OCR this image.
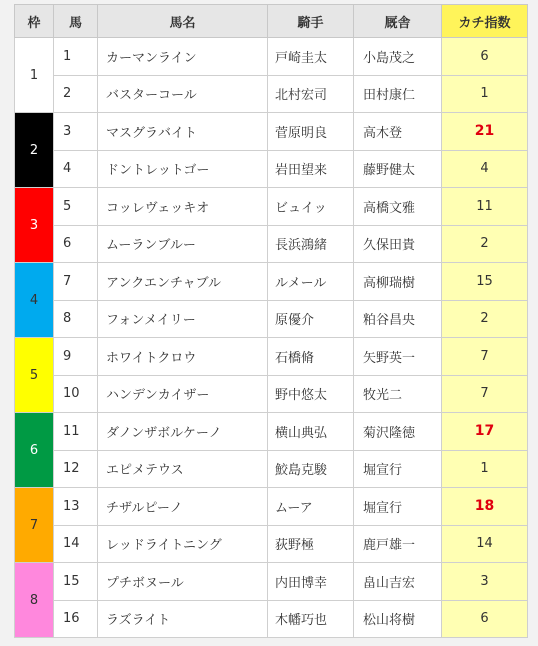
枠	馬	馬名	騎手	厩舎	カチ指数
1	1	カーマンライン	戸崎圭太	小島茂之	6
	2	バスターコール	北村宏司	田村康仁	1
2	3	マスグラバイト	菅原明良	高木登	21
	4	ドントレットゴー	岩田望来	藤野健太	4
3	5	コッレヴェッキオ	ビュイッ	高橋文雅	11
	6	ムーランブルー	長浜鴻緒	久保田貴	2
4	7	アンクエンチャブル	ルメール	高柳瑞樹	15
	8	フォンメイリー	原優介	粕谷昌央	2
5	9	ホワイトクロウ	石橋脩	矢野英一	7
	10	ハンデンカイザー	野中悠太	牧光二	7
6	11	ダノンザボルケーノ	横山典弘	菊沢隆徳	17
	12	エピメテウス	鮫島克駿	堀宣行	1
7	13	チザルピーノ	ムーア	堀宣行	18
	14	レッドライトニング	荻野極	鹿戸雄一	14
8	15	プチボヌール	内田博幸	畠山吉宏	3
	16	ラズライト	木幡巧也	松山将樹	6
